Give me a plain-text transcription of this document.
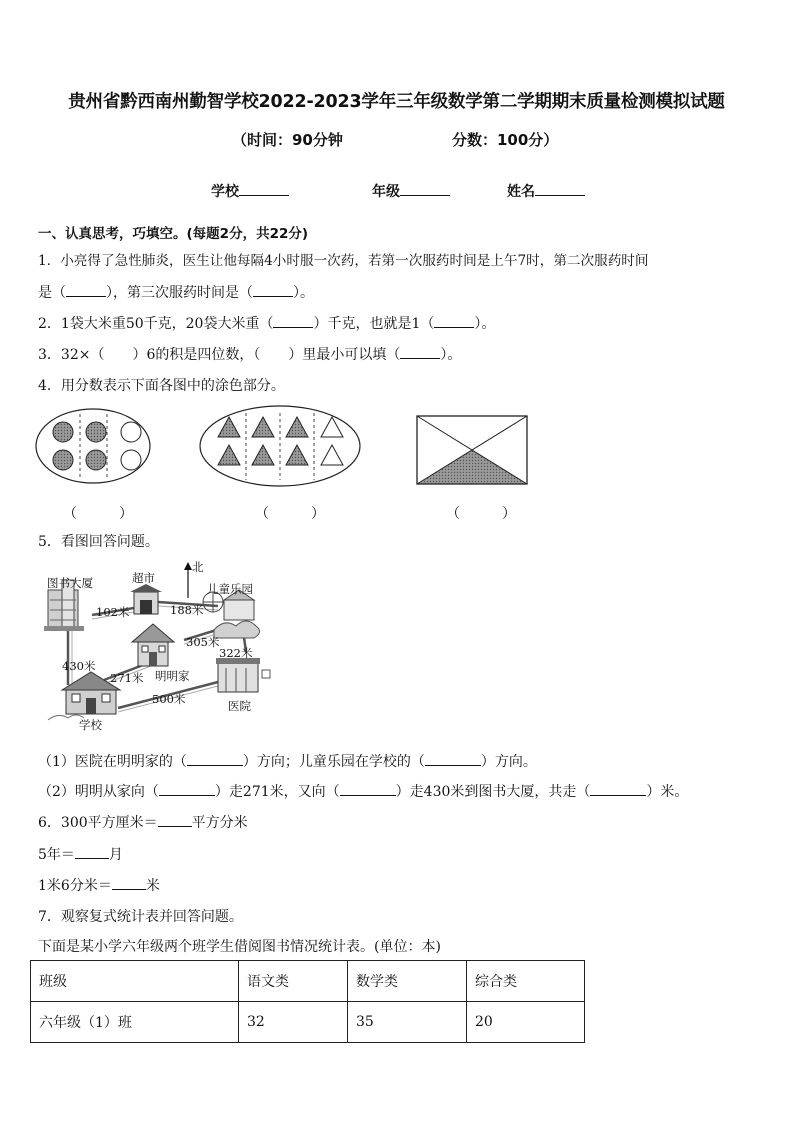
贵州省黔西南州勤智学校2022-2023学年三年级数学第二学期期末质量检测模拟试题
（时间：90分钟	分数：100分）
学校	年级	姓名
一、认真思考，巧填空。(每题2分，共22分)
1．小亮得了急性肺炎，医生让他每隔4小时服一次药，若第一次服药时间是上午7时，第二次服药时间
是（	），第三次服药时间是（	）。
2．1袋大米重50千克，20袋大米重（	）千克，也就是1（	）。
3．32×（　　）6的积是四位数，（　　）里最小可以填（	）。
4．用分数表示下面各图中的涂色部分。
（　　　）	（　　　）	（　　　）
5．看图回答问题。
图书大厦	超市
北
儿童乐园
102米	188米
305米
322米
430米
271米 明明家
500米	医院
学校
（1）医院在明明家的（	）方向；儿童乐园在学校的（	）方向。
（2）明明从家向（	）走271米，又向（	）走430米到图书大厦，共走（	）米。
6．300平方厘米＝ 平方分米
5年＝ 月
1米6分米＝ 米
7．观察复式统计表并回答问题。
下面是某小学六年级两个班学生借阅图书情况统计表。(单位：本)
班级	语文类	数学类	综合类
六年级（1）班	32	35	20
